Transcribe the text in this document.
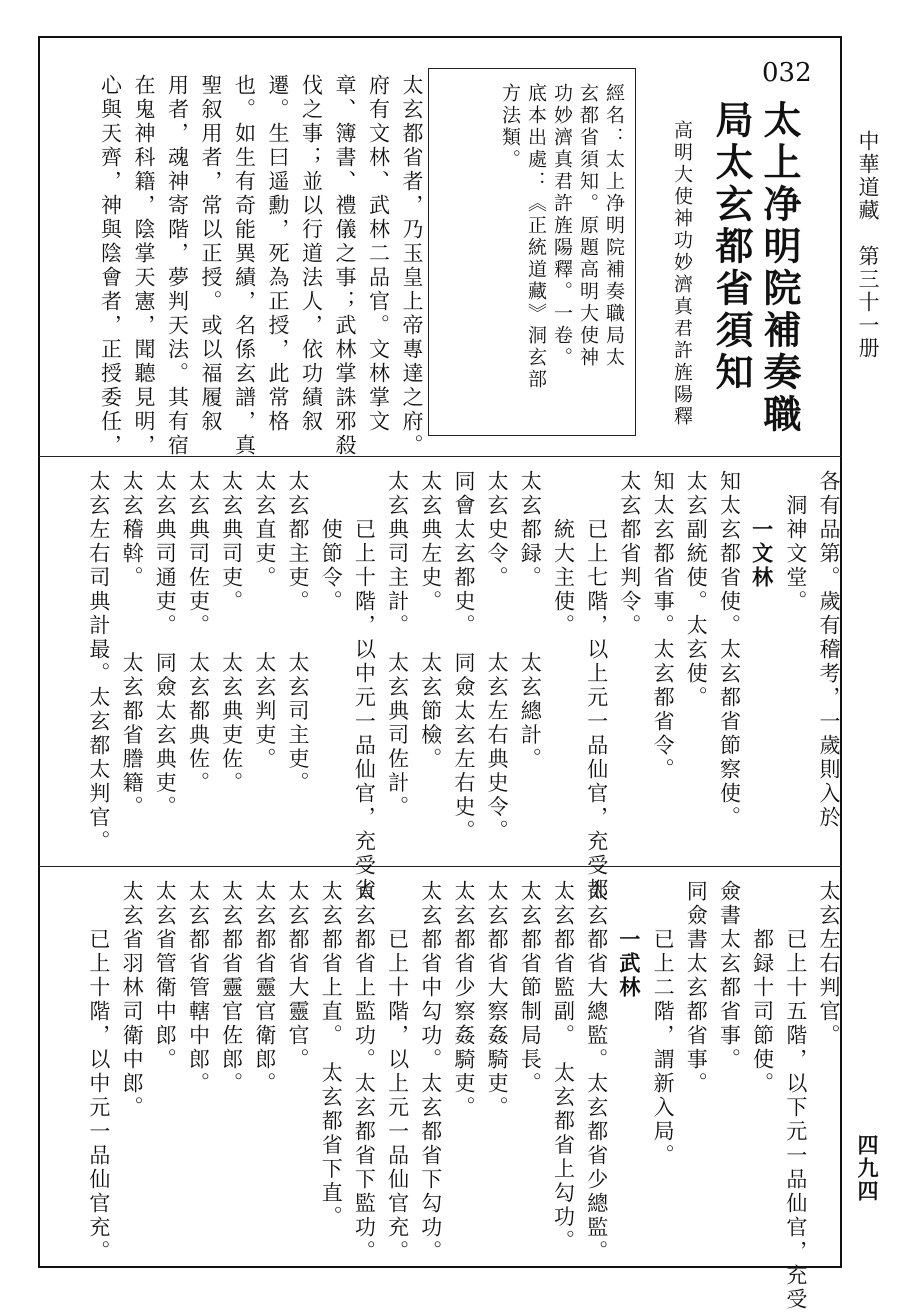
中華道藏　第三十一册
四九四
032
太上净明院補奏職
局太玄都省須知
高明大使神功妙濟真君許旌陽釋
經名：太上净明院補奏職局太
玄都省須知。原題高明大使神
功妙濟真君許旌陽釋。一卷。
底本出處：《正統道藏》洞玄部
方法類。
太玄都省者，乃玉皇上帝專達之府。
府有文林、武林二品官。文林掌文
章、簿書、禮儀之事；武林掌誅邪殺
伐之事；並以行道法人，依功績叙
遷。生曰遥勳，死為正授，此常格
也。如生有奇能異績，名係玄譜，真
聖叙用者，常以正授。或以福履叙
用者，魂神寄階，夢判天法。其有宿
在鬼神科籍，陰掌天憲，聞聽見明，
心與天齊，神與陰會者，正授委任，
各有品第。歲有稽考，一歲則入於
　洞神文堂。
　　一文林
知太玄都省使。太玄都省節察使。
太玄副統使。太玄使。
知太玄都省事。太玄都省令。
太玄都省判令。
　　已上七階，以上元一品仙官，充受都
　　統大主使。
太玄都録。　　　太玄總計。
太玄史令。　　　太玄左右典史令。
同會太玄都史。　同僉太玄左右史。
太玄典左史。　　太玄節檢。
太玄典司主計。　太玄典司佐計。
　　已上十階，以中元一品仙官，充受省
　　使節令。
太玄都主吏。　　太玄司主吏。
太玄直吏。　　　太玄判吏。
太玄典司吏。　　太玄典吏佐。
太玄典司佐吏。　太玄都典佐。
太玄典司通吏。　同僉太玄典吏。
太玄稽斡。　　　太玄都省謄籍。
太玄左右司典計最。太玄都太判官。
太玄左右判官。
　　已上十五階，以下元一品仙官，充受
　　都録十司節使。
僉書太玄都省事。
同僉書太玄都省事。
　　已上二階，謂新入局。
　　一武林
太玄都省大總監。太玄都省少總監。
太玄都省監副。　太玄都省上勾功。
太玄都省節制局長。
太玄都省大察姦騎吏。
太玄都省少察姦騎吏。
太玄都省中勾功。太玄都省下勾功。
　　已上十階，以上元一品仙官充。
太玄都省上監功。太玄都省下監功。
太玄都省上直。　太玄都省下直。
太玄都省大靈官。
太玄都省靈官衛郎。
太玄都省靈官佐郎。
太玄都省管轄中郎。
太玄省管衛中郎。
太玄省羽林司衛中郎。
　　已上十階，以中元一品仙官充。
